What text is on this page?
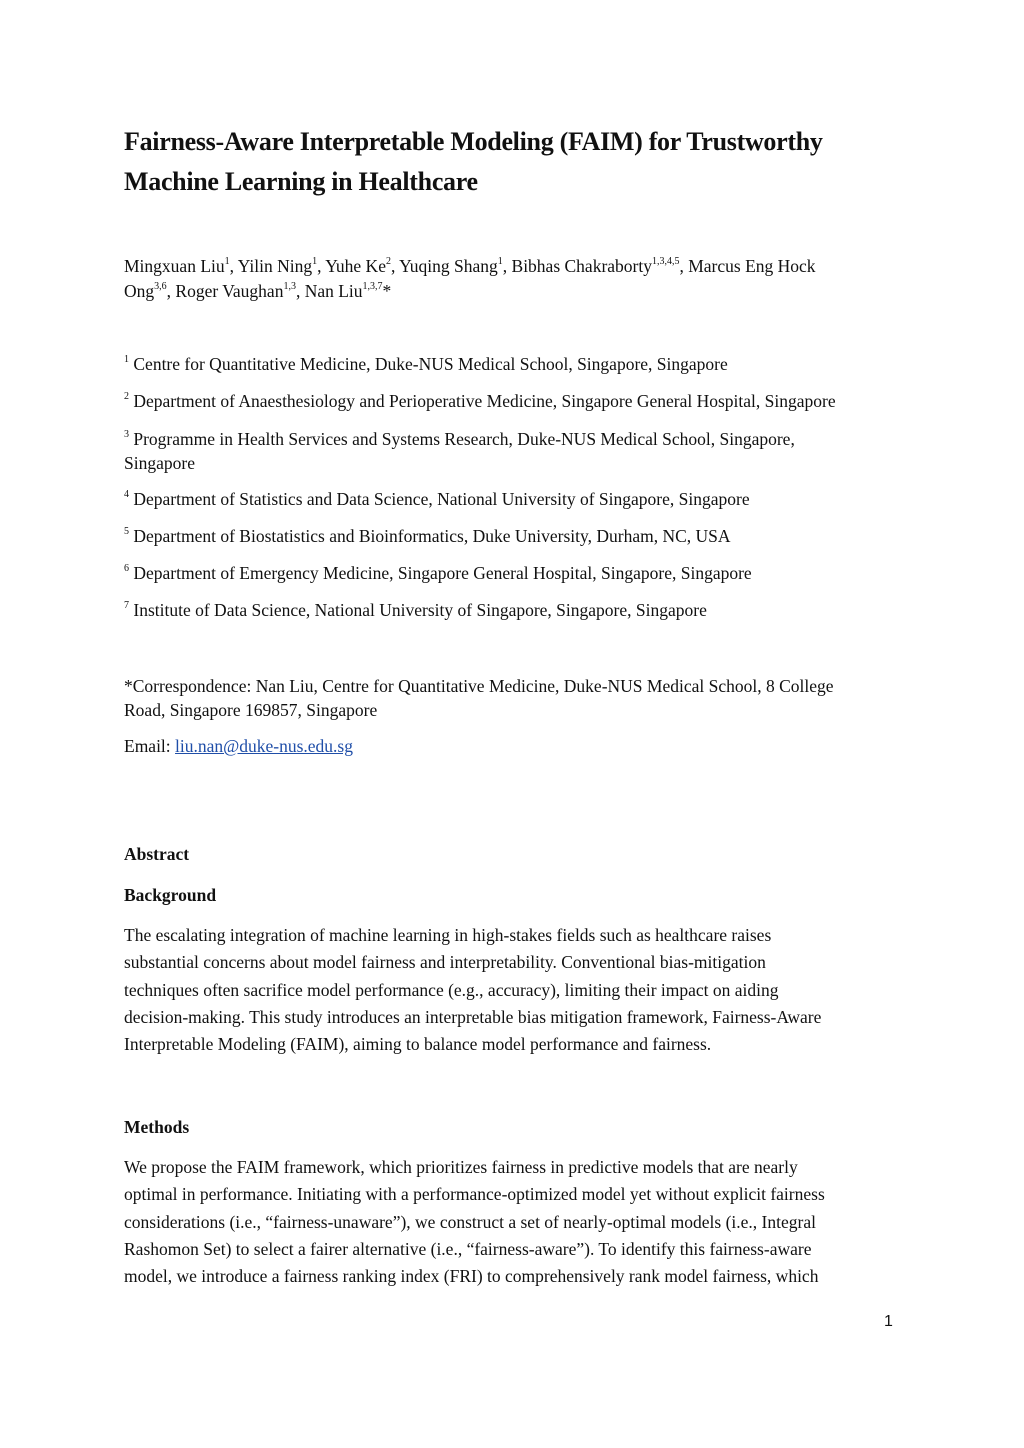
Fairness-Aware Interpretable Modeling (FAIM) for Trustworthy
Machine Learning in Healthcare
Mingxuan Liu$^1$, Yilin Ning$^1$, Yuhe Ke$^2$, Yuqing Shang$^1$, Bibhas Chakraborty$^{1,3,4,5}$, Marcus Eng Hock
Ong$^{3,6}$, Roger Vaughan$^{1,3}$, Nan Liu$^{1,3,7}$*
$^1$ Centre for Quantitative Medicine, Duke-NUS Medical School, Singapore, Singapore
$^2$ Department of Anaesthesiology and Perioperative Medicine, Singapore General Hospital, Singapore
$^3$ Programme in Health Services and Systems Research, Duke-NUS Medical School, Singapore,
Singapore
$^4$ Department of Statistics and Data Science, National University of Singapore, Singapore
$^5$ Department of Biostatistics and Bioinformatics, Duke University, Durham, NC, USA
$^6$ Department of Emergency Medicine, Singapore General Hospital, Singapore, Singapore
$^7$ Institute of Data Science, National University of Singapore, Singapore, Singapore
*Correspondence: Nan Liu, Centre for Quantitative Medicine, Duke-NUS Medical School, 8 College
Road, Singapore 169857, Singapore
Email: liu.nan@duke-nus.edu.sg
Abstract
Background
The escalating integration of machine learning in high-stakes fields such as healthcare raises
substantial concerns about model fairness and interpretability. Conventional bias-mitigation
techniques often sacrifice model performance (e.g., accuracy), limiting their impact on aiding
decision-making. This study introduces an interpretable bias mitigation framework, Fairness-Aware
Interpretable Modeling (FAIM), aiming to balance model performance and fairness.
Methods
We propose the FAIM framework, which prioritizes fairness in predictive models that are nearly
optimal in performance. Initiating with a performance-optimized model yet without explicit fairness
considerations (i.e., “fairness-unaware”), we construct a set of nearly-optimal models (i.e., Integral
Rashomon Set) to select a fairer alternative (i.e., “fairness-aware”). To identify this fairness-aware
model, we introduce a fairness ranking index (FRI) to comprehensively rank model fairness, which
1
